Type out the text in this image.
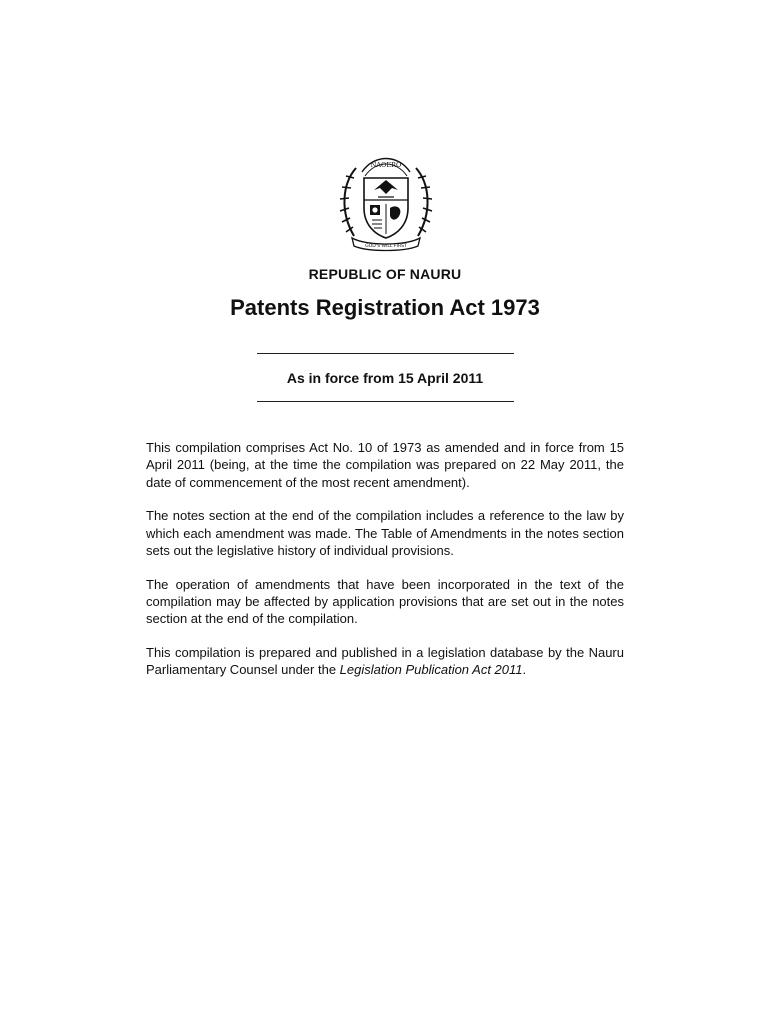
NAOERO
GOD'S WILL FIRST
REPUBLIC OF NAURU
Patents Registration Act 1973
As in force from 15 April 2011

This compilation comprises Act No. 10 of 1973 as amended and in force from 15 April 2011 (being, at the time the compilation was prepared on 22 May 2011, the date of commencement of the most recent amendment).

The notes section at the end of the compilation includes a reference to the law by which each amendment was made. The Table of Amendments in the notes section sets out the legislative history of individual provisions.

The operation of amendments that have been incorporated in the text of the compilation may be affected by application provisions that are set out in the notes section at the end of the compilation.

This compilation is prepared and published in a legislation database by the Nauru Parliamentary Counsel under the Legislation Publication Act 2011.
